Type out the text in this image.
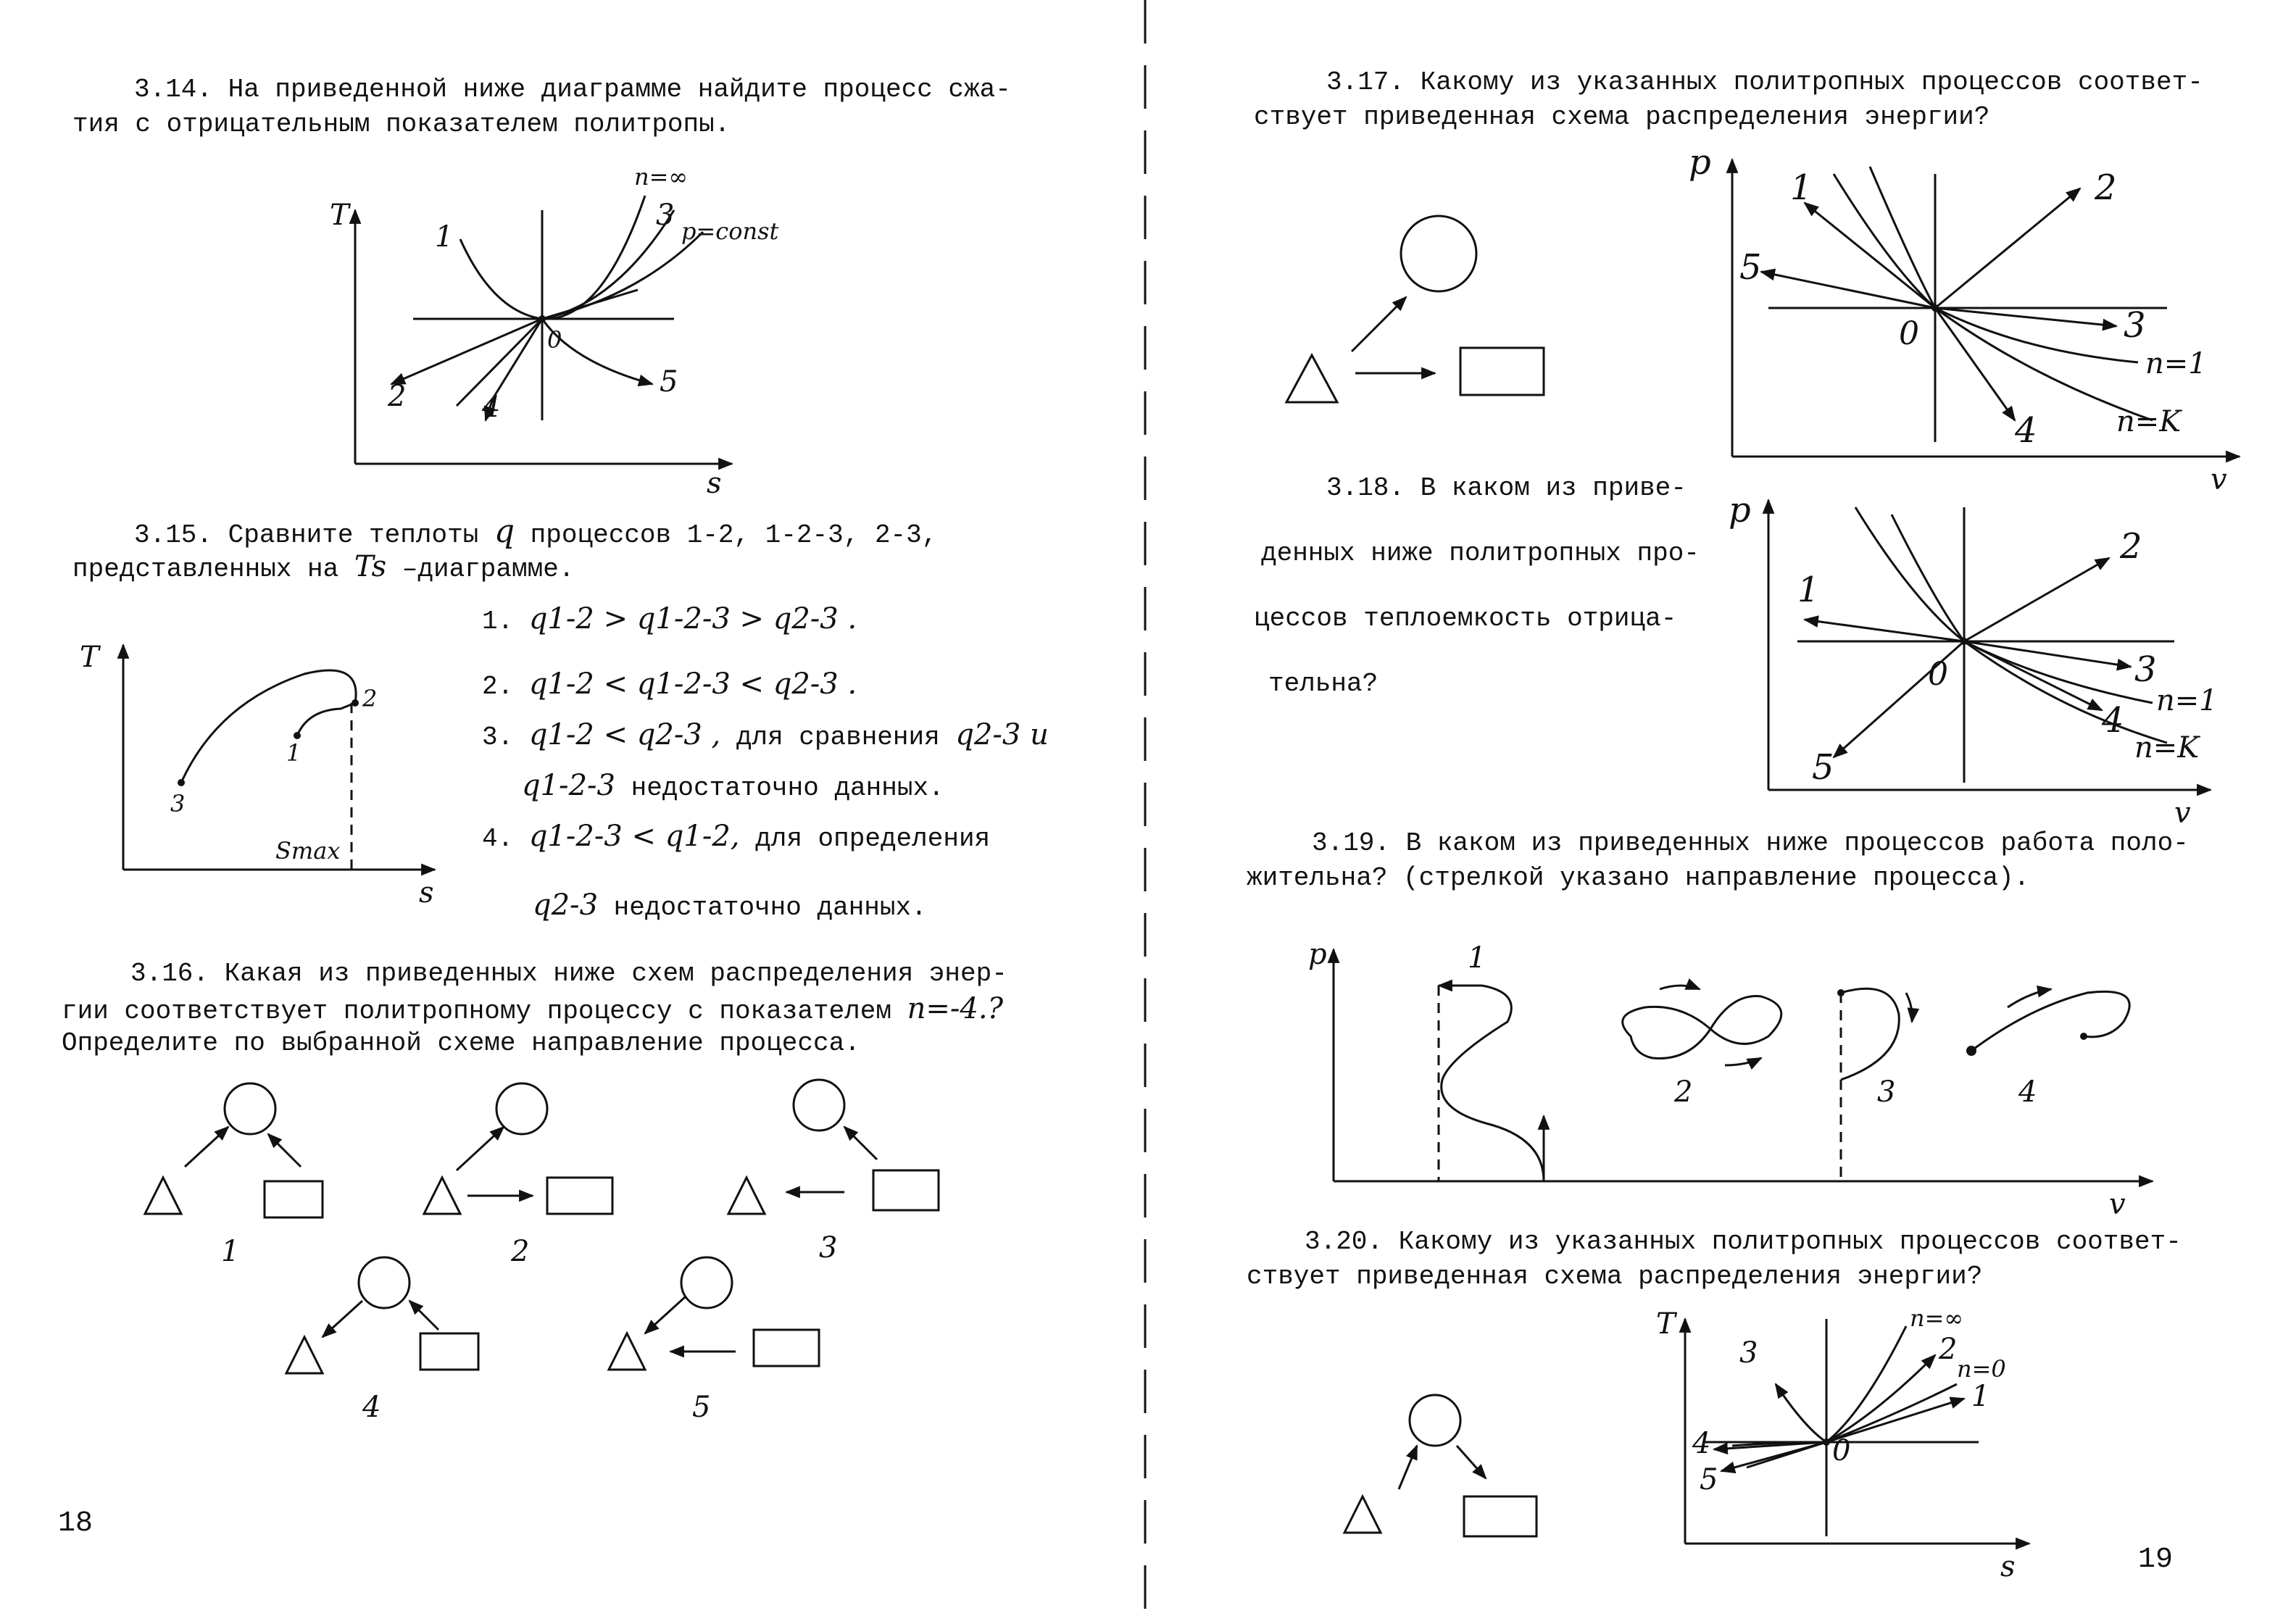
3.14. На приведенной ниже диаграмме найдите процесс сжа-
тия с отрицательным показателем политропы.
T
s
1
2
3
4
5
n=∞
p=const
0
3.15. Сравните теплоты q процессов 1-2, 1-2-3, 2-3,
представленных на Ts –диаграмме.
T
s
3
1
2
Smax
1. q1-2 > q1-2-3 > q2-3 .
2. q1-2 < q1-2-3 < q2-3 .
3. q1-2 < q2-3 , для сравнения q2-3 и
q1-2-3 недостаточно данных.
4. q1-2-3 < q1-2, для определения
q2-3 недостаточно данных.
3.16. Какая из приведенных ниже схем распределения энер-
гии соответствует политропному процессу с показателем n=-4.?
Определите по выбранной схеме направление процесса.
1	2	3
4	5
18
3.17. Какому из указанных политропных процессов соответ-
ствует приведенная схема распределения энергии?
p
v
1	2
3
4
5
0
n=1
n=K
3.18. В каком из приве-
денных ниже политропных про-
цессов теплоемкость отрица-
тельна?
p
v
1
2
3
4
5
0
n=1
n=K
3.19. В каком из приведенных ниже процессов работа поло-
жительна? (стрелкой указано направление процесса).
p
v
1
2	3	4
3.20. Какому из указанных политропных процессов соответ-
ствует приведенная схема распределения энергии?
T
s
1
2
3
4
5
0
n=∞
n=0
19
